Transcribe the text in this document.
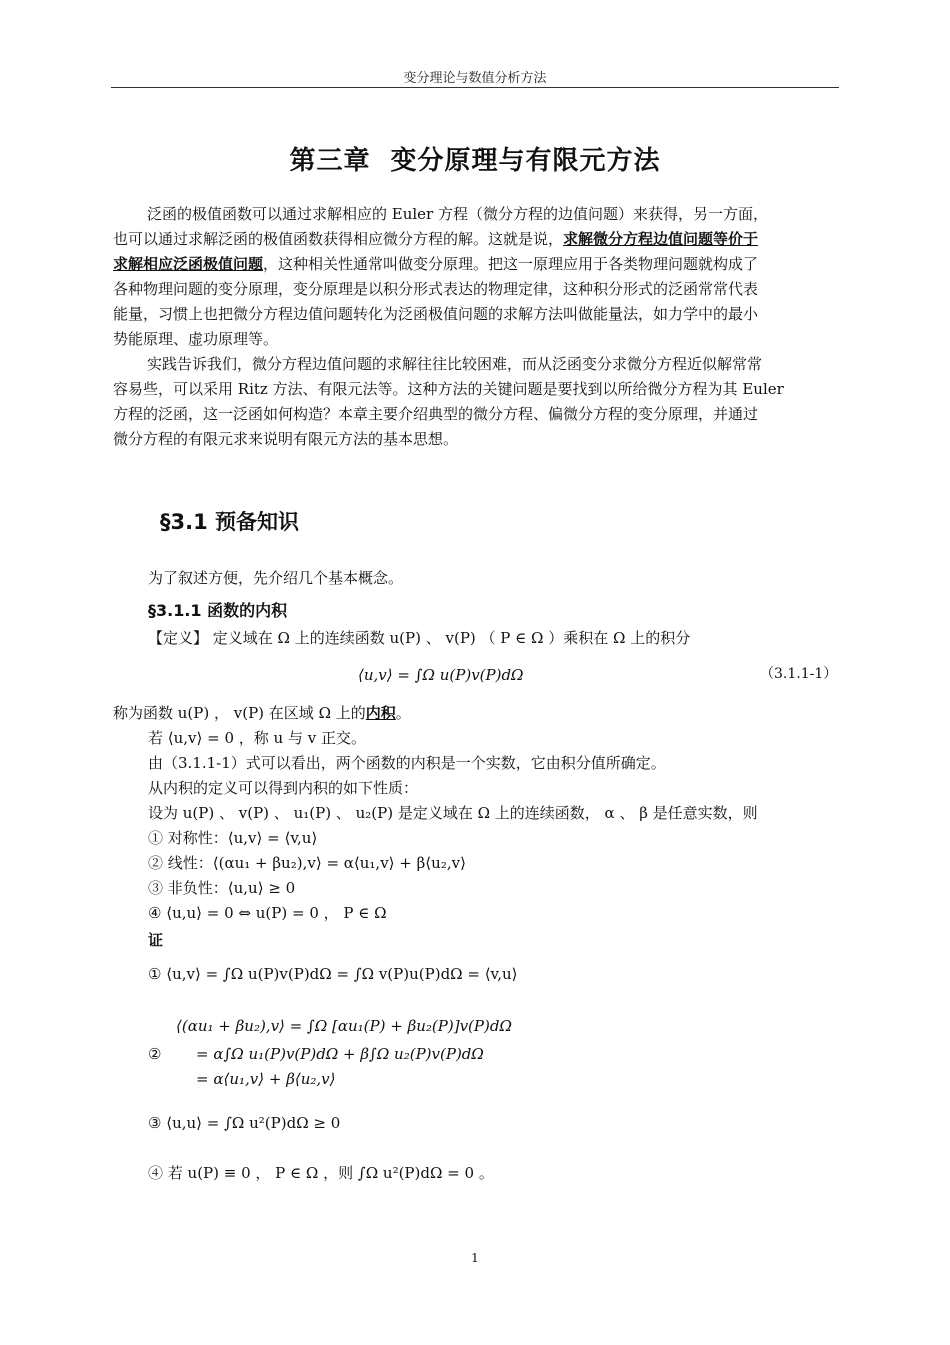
变分理论与数值分析方法
第三章 变分原理与有限元方法
泛函的极值函数可以通过求解相应的 Euler 方程（微分方程的边值问题）来获得，另一方面，
也可以通过求解泛函的极值函数获得相应微分方程的解。这就是说，求解微分方程边值问题等价于
求解相应泛函极值问题，这种相关性通常叫做变分原理。把这一原理应用于各类物理问题就构成了
各种物理问题的变分原理，变分原理是以积分形式表达的物理定律，这种积分形式的泛函常常代表
能量，习惯上也把微分方程边值问题转化为泛函极值问题的求解方法叫做能量法，如力学中的最小
势能原理、虚功原理等。
实践告诉我们，微分方程边值问题的求解往往比较困难，而从泛函变分求微分方程近似解常常
容易些，可以采用 Ritz 方法、有限元法等。这种方法的关键问题是要找到以所给微分方程为其 Euler
方程的泛函，这一泛函如何构造？本章主要介绍典型的微分方程、偏微分方程的变分原理，并通过
微分方程的有限元求来说明有限元方法的基本思想。
§3.1 预备知识
为了叙述方便，先介绍几个基本概念。
§3.1.1 函数的内积
【定义】 定义域在 Ω 上的连续函数 u(P) 、 v(P) （ P ∈ Ω ）乘积在 Ω 上的积分
⟨u,v⟩ = ∫Ω u(P)v(P)dΩ	（3.1.1-1）
称为函数 u(P) ， v(P) 在区域 Ω 上的内积。
若 ⟨u,v⟩ = 0 ，称 u 与 v 正交。
由（3.1.1-1）式可以看出，两个函数的内积是一个实数，它由积分值所确定。
从内积的定义可以得到内积的如下性质：
设为 u(P) 、 v(P) 、 u₁(P) 、 u₂(P) 是定义域在 Ω 上的连续函数， α 、 β 是任意实数，则
① 对称性：⟨u,v⟩ = ⟨v,u⟩
② 线性：⟨(αu₁ + βu₂),v⟩ = α⟨u₁,v⟩ + β⟨u₂,v⟩
③ 非负性：⟨u,u⟩ ≥ 0
④ ⟨u,u⟩ = 0 ⇔ u(P) = 0 ， P ∈ Ω
证
① ⟨u,v⟩ = ∫Ω u(P)v(P)dΩ = ∫Ω v(P)u(P)dΩ = ⟨v,u⟩
②
⟨(αu₁ + βu₂),v⟩ = ∫Ω [αu₁(P) + βu₂(P)]v(P)dΩ
= α∫Ω u₁(P)v(P)dΩ + β∫Ω u₂(P)v(P)dΩ
= α⟨u₁,v⟩ + β⟨u₂,v⟩
③ ⟨u,u⟩ = ∫Ω u²(P)dΩ ≥ 0
④ 若 u(P) ≡ 0 ， P ∈ Ω ，则 ∫Ω u²(P)dΩ = 0 。
1
